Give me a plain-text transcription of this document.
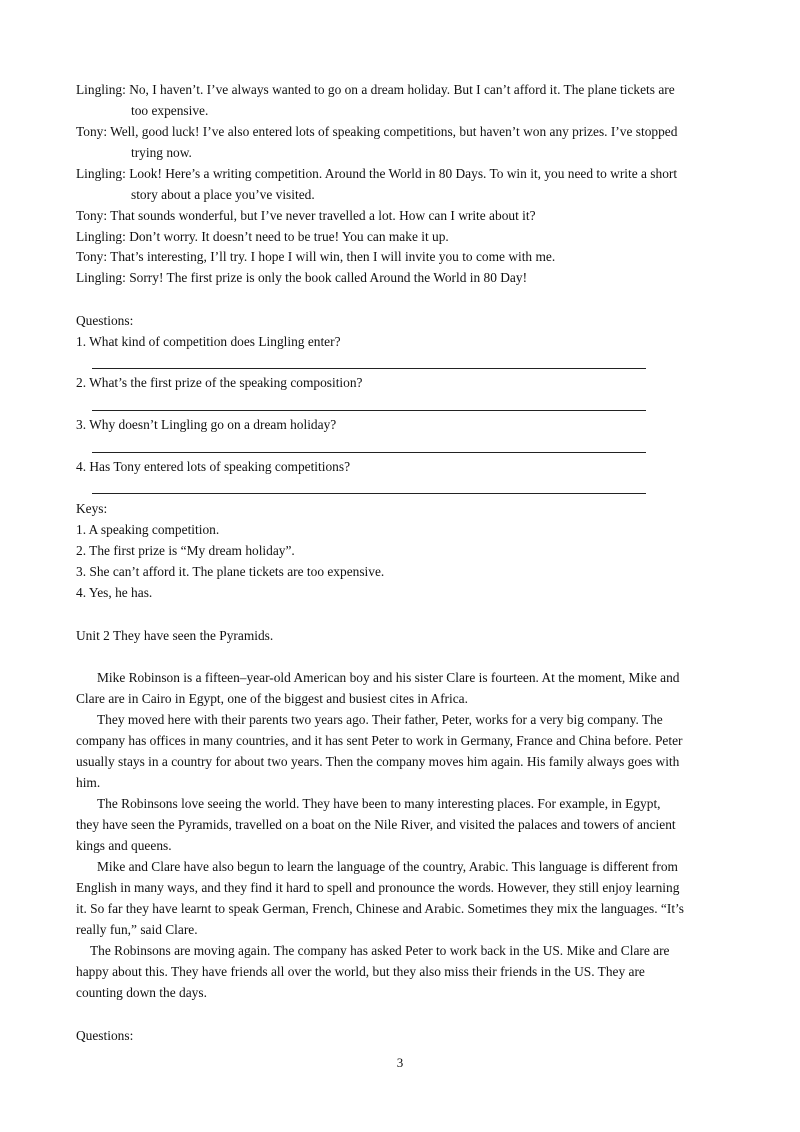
Lingling: No, I haven’t. I’ve always wanted to go on a dream holiday. But I can’t afford it. The plane tickets are
too expensive.
Tony: Well, good luck! I’ve also entered lots of speaking competitions, but haven’t won any prizes. I’ve stopped
trying now.
Lingling: Look! Here’s a writing competition. Around the World in 80 Days. To win it, you need to write a short
story about a place you’ve visited.
Tony: That sounds wonderful, but I’ve never travelled a lot. How can I write about it?
Lingling: Don’t worry. It doesn’t need to be true! You can make it up.
Tony: That’s interesting, I’ll try. I hope I will win, then I will invite you to come with me.
Lingling: Sorry! The first prize is only the book called Around the World in 80 Day!
Questions:
1. What kind of competition does Lingling enter?
2. What’s the first prize of the speaking composition?
3. Why doesn’t Lingling go on a dream holiday?
4. Has Tony entered lots of speaking competitions?
Keys:
1. A speaking competition.
2. The first prize is “My dream holiday”.
3. She can’t afford it. The plane tickets are too expensive.
4. Yes, he has.
Unit 2 They have seen the Pyramids.
Mike Robinson is a fifteen–year-old American boy and his sister Clare is fourteen. At the moment, Mike and
Clare are in Cairo in Egypt, one of the biggest and busiest cites in Africa.
They moved here with their parents two years ago. Their father, Peter, works for a very big company. The
company has offices in many countries, and it has sent Peter to work in Germany, France and China before. Peter
usually stays in a country for about two years. Then the company moves him again. His family always goes with
him.
The Robinsons love seeing the world. They have been to many interesting places. For example, in Egypt,
they have seen the Pyramids, travelled on a boat on the Nile River, and visited the palaces and towers of ancient
kings and queens.
Mike and Clare have also begun to learn the language of the country, Arabic. This language is different from
English in many ways, and they find it hard to spell and pronounce the words. However, they still enjoy learning
it. So far they have learnt to speak German, French, Chinese and Arabic. Sometimes they mix the languages. “It’s
really fun,” said Clare.
The Robinsons are moving again. The company has asked Peter to work back in the US. Mike and Clare are
happy about this. They have friends all over the world, but they also miss their friends in the US. They are
counting down the days.
Questions:
3
